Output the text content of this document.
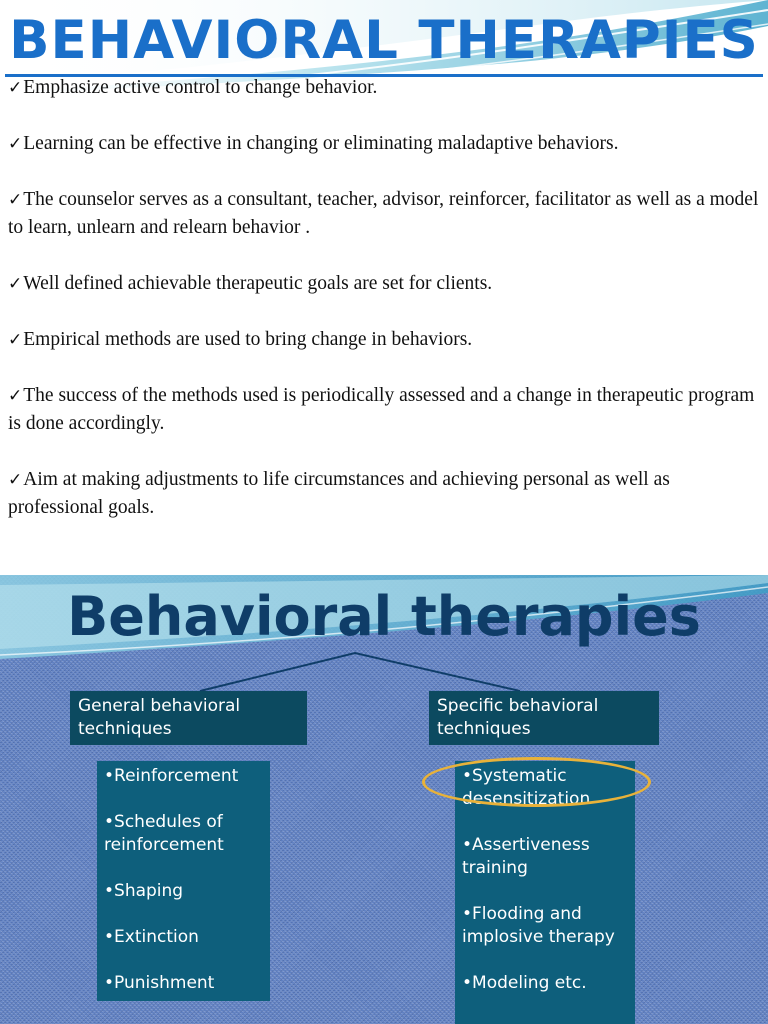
✓Emphasize active control to change behavior.
✓Learning can be effective in changing or eliminating maladaptive behaviors.
✓The counselor serves as a consultant, teacher, advisor, reinforcer, facilitator as well as a model to learn, unlearn and relearn behavior .
✓Well defined achievable therapeutic goals are set for clients.
✓Empirical methods are used to bring change in behaviors.
✓The success of the methods used is periodically assessed and a change in therapeutic program is done accordingly.
✓Aim at making adjustments to life circumstances and achieving personal as well as professional goals.
BEHAVIORAL THERAPIES
Behavioral therapies
General behavioral techniques
Specific behavioral techniques
•Reinforcement
•Schedules of reinforcement
•Shaping
•Extinction
•Punishment
•Systematic desensitization
•Assertiveness training
•Flooding and implosive therapy
•Modeling etc.
